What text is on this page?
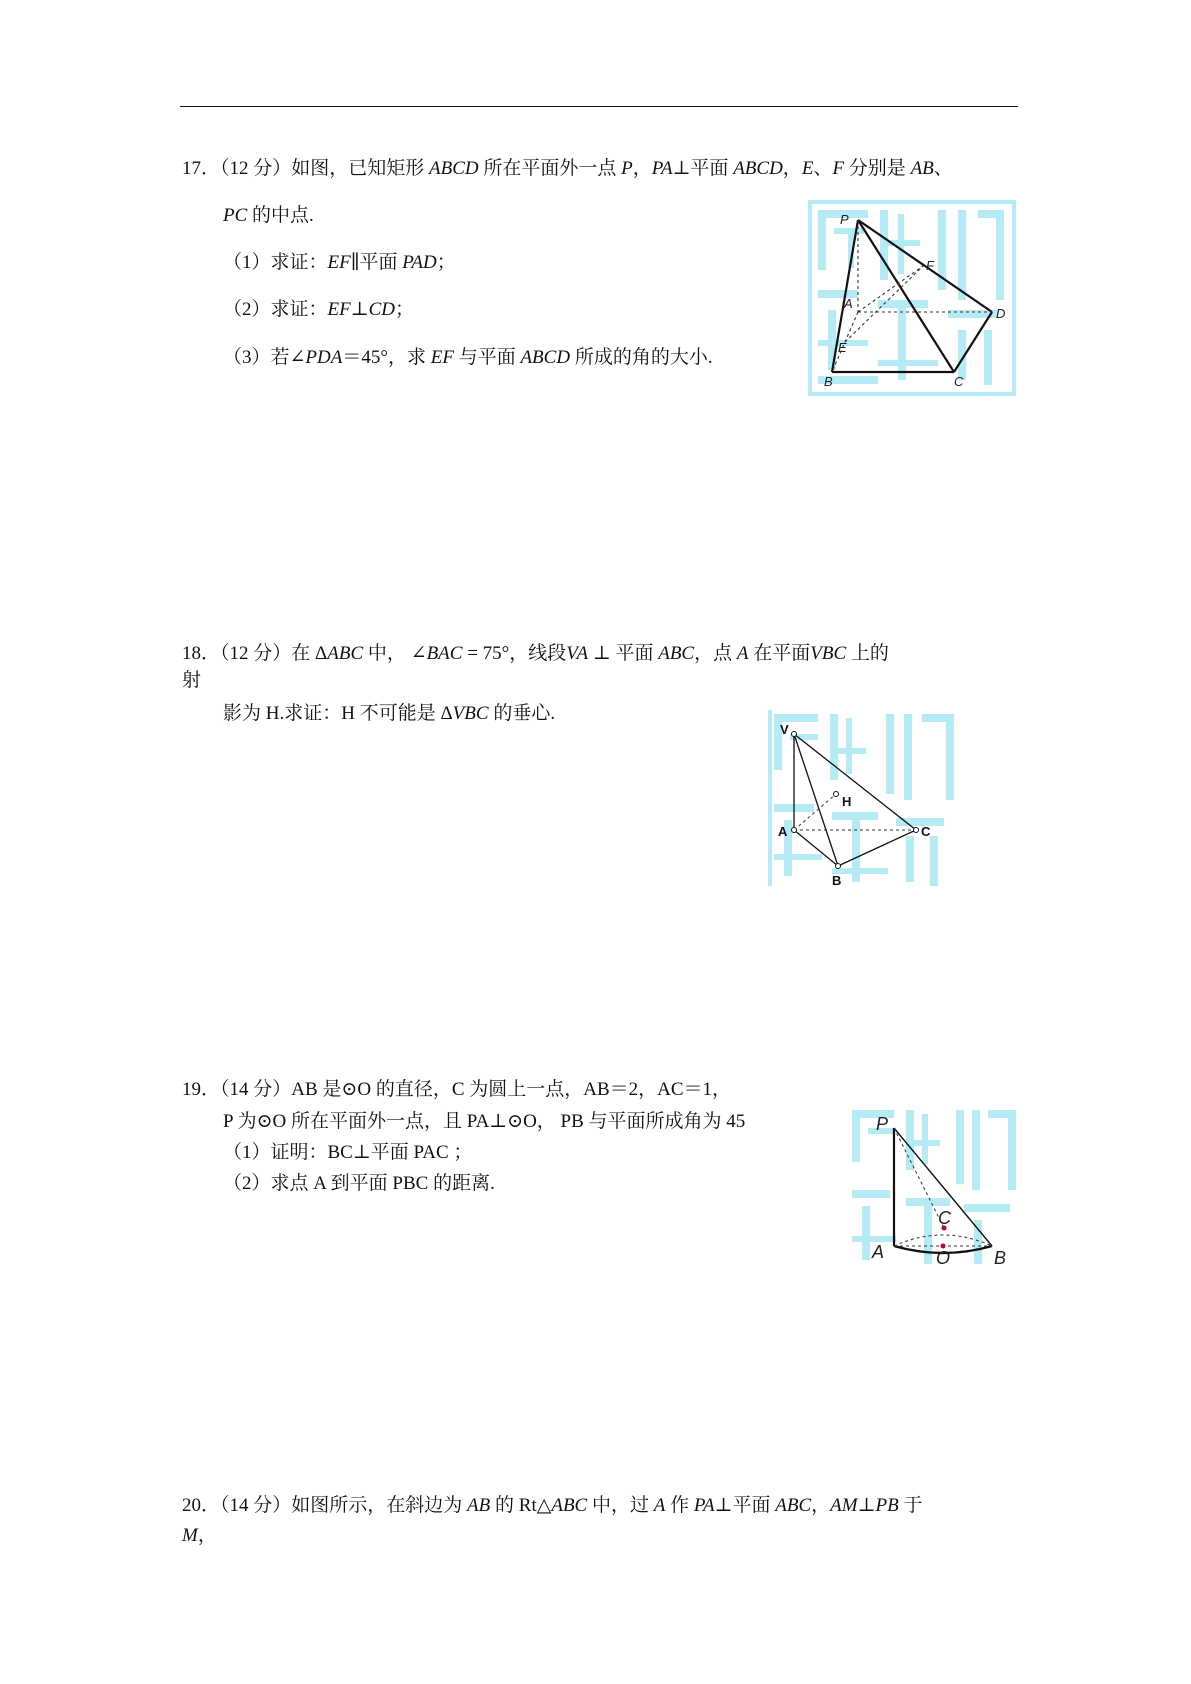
17．（12 分）如图，已知矩形 ABCD 所在平面外一点 P，PA⊥平面 ABCD，E、F 分别是 AB、
PC 的中点.
（1）求证：EF∥平面 PAD；
（2）求证：EF⊥CD；
（3）若∠PDA＝45°，求 EF 与平面 ABCD 所成的角的大小.
P
A
F
D
E
B	C
18．（12 分）在 ΔABC 中， ∠BAC = 75°，线段VA ⊥ 平面 ABC，点 A 在平面VBC 上的
射
影为 H.求证：H 不可能是 ΔVBC 的垂心.
V
H
A	C
B
19．（14 分）AB 是⊙O 的直径，C 为圆上一点，AB＝2，AC＝1，
P 为⊙O 所在平面外一点，且 PA⊥⊙O， PB 与平面所成角为 45
（1）证明：BC⊥平面 PAC ；
（2）求点 A 到平面 PBC 的距离.
P
C
A	O B
20．（14 分）如图所示，在斜边为 AB 的 Rt△ABC 中，过 A 作 PA⊥平面 ABC，AM⊥PB 于
M，
